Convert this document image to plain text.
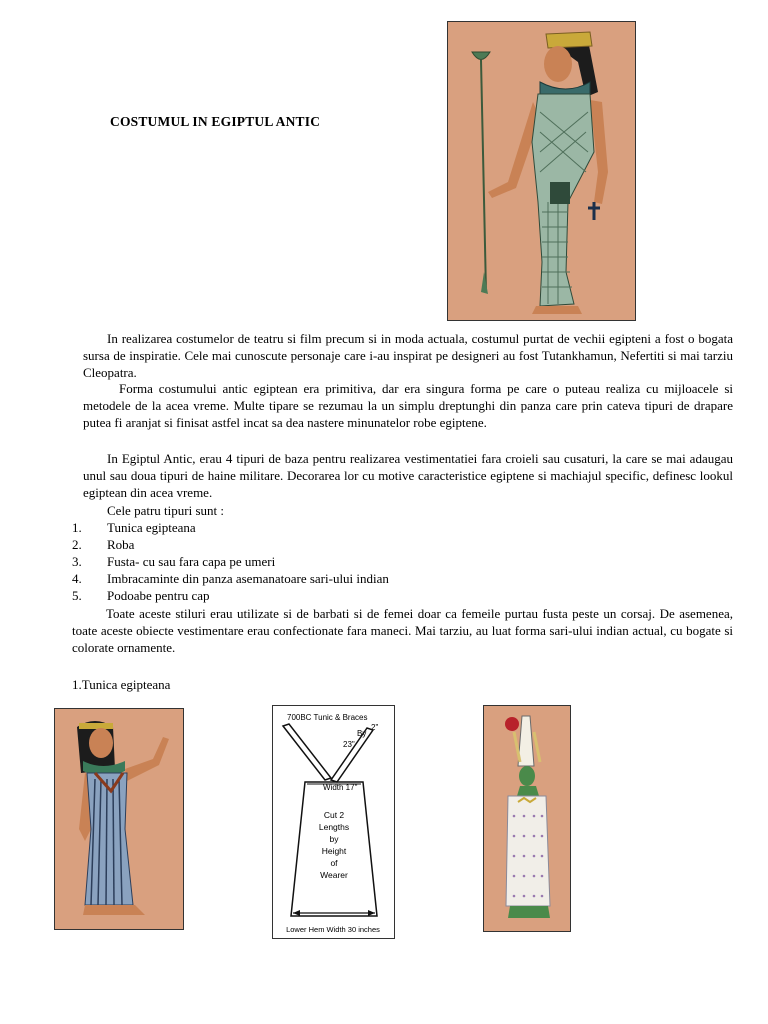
COSTUMUL IN EGIPTUL ANTIC
In realizarea costumelor de teatru si film precum si in moda actuala, costumul purtat de vechii egipteni a fost o bogata sursa de inspiratie. Cele mai cunoscute personaje care i-au inspirat pe designeri au fost Tutankhamun, Nefertiti si mai tarziu Cleopatra.
Forma costumului antic egiptean era primitiva, dar era singura forma pe care o puteau realiza cu mijloacele si metodele de la acea vreme. Multe tipare se rezumau la un simplu dreptunghi din panza care prin cateva tipuri de drapare putea fi aranjat si finisat astfel incat sa dea nastere minunatelor robe egiptene.
In Egiptul Antic, erau 4 tipuri de baza pentru realizarea vestimentatiei fara croieli sau cusaturi, la care se mai adaugau unul sau doua tipuri de haine militare. Decorarea lor cu motive caracteristice egiptene si machiajul specific, definesc lookul egiptean din acea vreme.
Cele patru tipuri sunt :
1.	Tunica egipteana
2.	Roba
3.	Fusta- cu sau fara capa pe umeri
4.	Imbracaminte din panza asemanatoare sari-ului indian
5.	Podoabe pentru cap
Toate aceste stiluri erau utilizate si de barbati si de femei doar ca femeile purtau fusta peste un corsaj. De asemenea, toate aceste obiecte vestimentare erau confectionate fara maneci. Mai tarziu, au luat forma sari-ului indian actual, cu bogate si colorate ornamente.
1.Tunica egipteana
700BC Tunic & Braces
By
2"
23"
Width 17"
Cut 2
Lengths
by
Height
of
Wearer
Lower Hem Width 30 inches
